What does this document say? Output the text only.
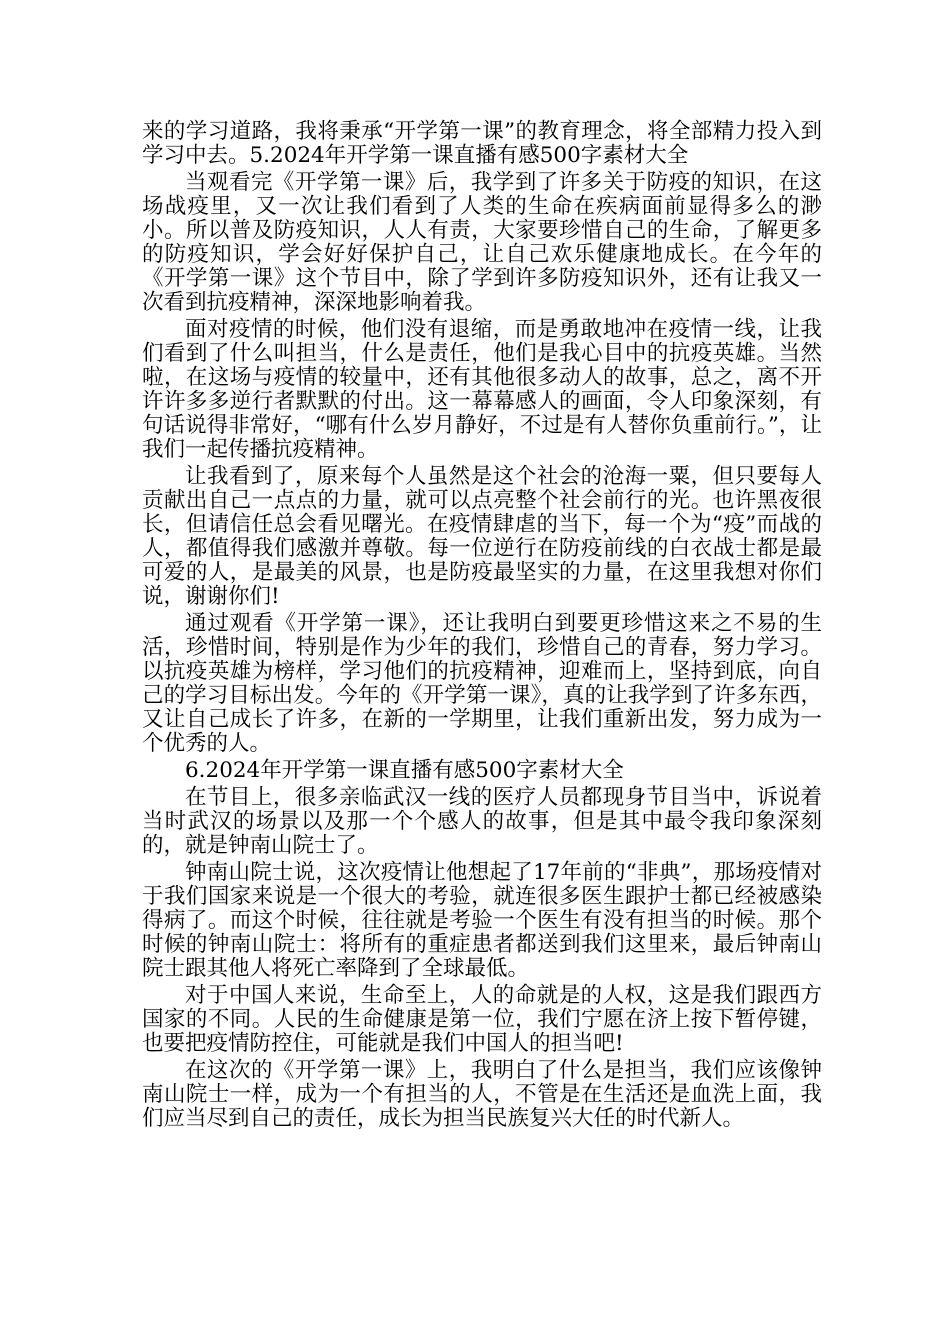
来的学习道路，我将秉承“开学第一课”的教育理念，将全部精力投入到学习中去。5.2024年开学第一课直播有感500字素材大全

当观看完《开学第一课》后，我学到了许多关于防疫的知识，在这场战疫里，又一次让我们看到了人类的生命在疾病面前显得多么的渺小。所以普及防疫知识，人人有责，大家要珍惜自己的生命，了解更多的防疫知识，学会好好保护自己，让自己欢乐健康地成长。在今年的《开学第一课》这个节目中，除了学到许多防疫知识外，还有让我又一次看到抗疫精神，深深地影响着我。

面对疫情的时候，他们没有退缩，而是勇敢地冲在疫情一线，让我们看到了什么叫担当，什么是责任，他们是我心目中的抗疫英雄。当然啦，在这场与疫情的较量中，还有其他很多动人的故事，总之，离不开许许多多逆行者默默的付出。这一幕幕感人的画面，令人印象深刻，有句话说得非常好，“哪有什么岁月静好，不过是有人替你负重前行。”，让我们一起传播抗疫精神。

让我看到了，原来每个人虽然是这个社会的沧海一粟，但只要每人贡献出自己一点点的力量，就可以点亮整个社会前行的光。也许黑夜很长，但请信任总会看见曙光。在疫情肆虐的当下，每一个为“疫”而战的人，都值得我们感激并尊敬。每一位逆行在防疫前线的白衣战士都是最可爱的人，是最美的风景，也是防疫最坚实的力量，在这里我想对你们说，谢谢你们!

通过观看《开学第一课》，还让我明白到要更珍惜这来之不易的生活，珍惜时间，特别是作为少年的我们，珍惜自己的青春，努力学习。以抗疫英雄为榜样，学习他们的抗疫精神，迎难而上，坚持到底，向自己的学习目标出发。今年的《开学第一课》，真的让我学到了许多东西，又让自己成长了许多，在新的一学期里，让我们重新出发，努力成为一个优秀的人。

6.2024年开学第一课直播有感500字素材大全

在节目上，很多亲临武汉一线的医疗人员都现身节目当中，诉说着当时武汉的场景以及那一个个感人的故事，但是其中最令我印象深刻的，就是钟南山院士了。

钟南山院士说，这次疫情让他想起了17年前的“非典”，那场疫情对于我们国家来说是一个很大的考验，就连很多医生跟护士都已经被感染得病了。而这个时候，往往就是考验一个医生有没有担当的时候。那个时候的钟南山院士：将所有的重症患者都送到我们这里来，最后钟南山院士跟其他人将死亡率降到了全球最低。

对于中国人来说，生命至上，人的命就是的人权，这是我们跟西方国家的不同。人民的生命健康是第一位，我们宁愿在济上按下暂停键，也要把疫情防控住，可能就是我们中国人的担当吧!

在这次的《开学第一课》上，我明白了什么是担当，我们应该像钟南山院士一样，成为一个有担当的人，不管是在生活还是血洗上面，我们应当尽到自己的责任，成长为担当民族复兴大任的时代新人。
